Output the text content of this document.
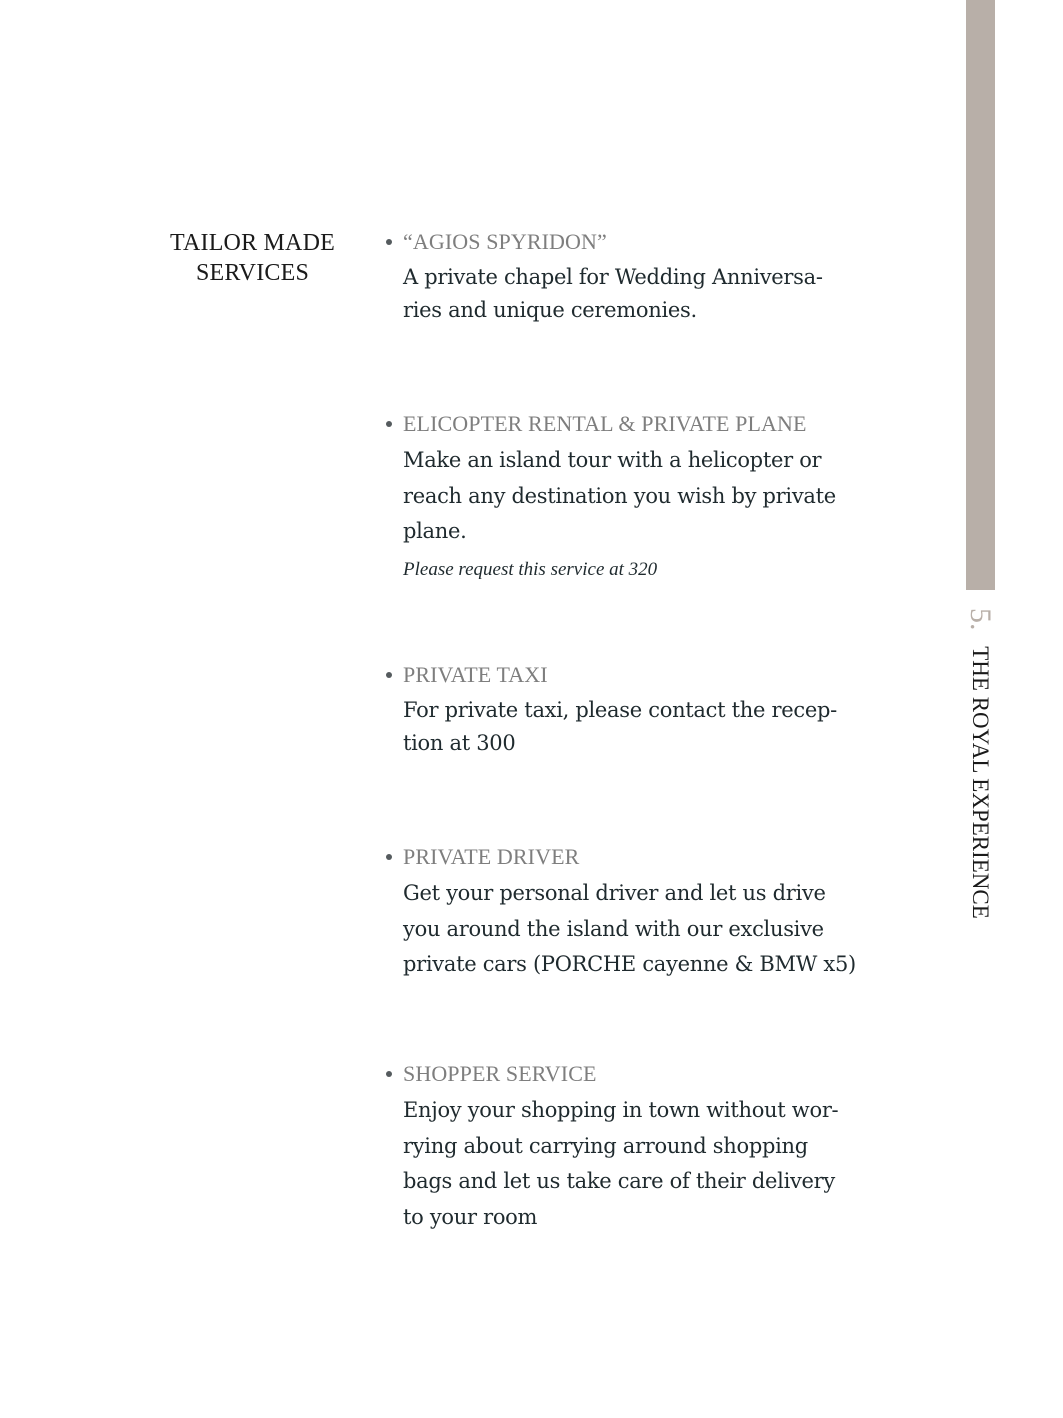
TAILOR MADE
SERVICES
“AGIOS SPYRIDON”
A private chapel for Wedding Anniversa-
ries and unique ceremonies.
ELICOPTER RENTAL & PRIVATE PLANE
Make an island tour with a helicopter or
reach any destination you wish by private
plane.
Please request this service at 320
PRIVATE TAXI
For private taxi, please contact the recep-
tion at 300
PRIVATE DRIVER
Get your personal driver and let us drive
you around the island with our exclusive
private cars (PORCHE cayenne & BMW x5)
SHOPPER SERVICE
Enjoy your shopping in town without wor-
rying about carrying arround shopping
bags and let us take care of their delivery
to your room
5. THE ROYAL EXPERIENCE
